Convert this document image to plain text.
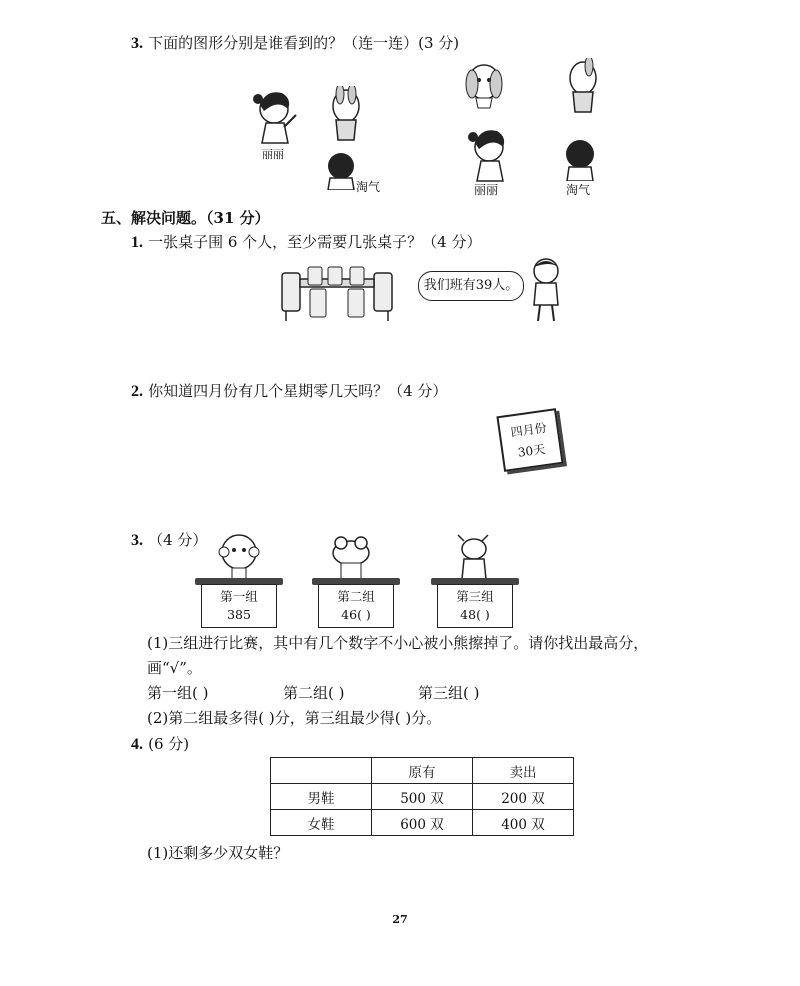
3. 下面的图形分别是谁看到的？（连一连）(3 分)
丽丽
淘气	丽丽	淘气
五、解决问题。（31 分）
1. 一张桌子围 6 个人，至少需要几张桌子？（4 分）
我们班有39人。
2. 你知道四月份有几个星期零几天吗？（4 分）
四月份
30天
3. （4 分）
第一组
385
第二组
46( )
第三组
48( )
(1)三组进行比赛，其中有几个数字不小心被小熊擦掉了。请你找出最高分，
画“√”。
第一组( )	第二组( )	第三组( )
(2)第二组最多得( )分，第三组最少得( )分。
4. (6 分)
	原有	卖出
男鞋	500 双	200 双
女鞋	600 双	400 双
(1)还剩多少双女鞋？
27
